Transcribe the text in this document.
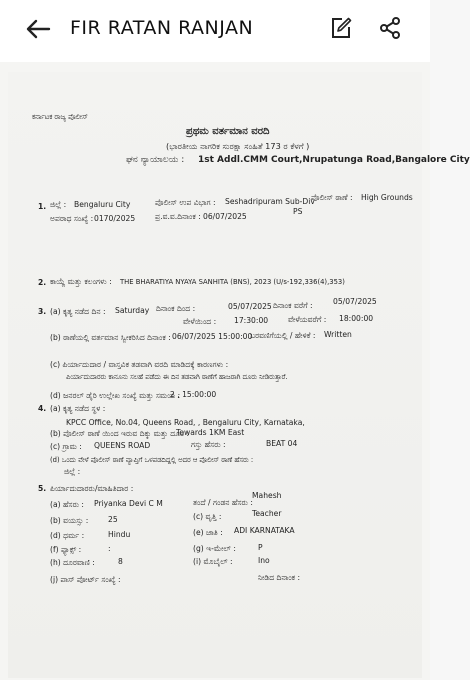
FIR RATAN RANJAN
ಕರ್ನಾಟಕ ರಾಜ್ಯ ಪೊಲೀಸ್
ಪ್ರಥಮ ವರ್ತಮಾನ ವರದಿ
(ಭಾರತೀಯ ನಾಗರಿಕ ಸುರಕ್ಷಾ ಸಂಹಿತೆ 173 ರ ಕೆಳಗೆ )
ಘನ ನ್ಯಾಯಾಲಯ : 1st Addl.CMM Court,Nrupatunga Road,Bangalore City
1. ಜಿಲ್ಲೆ : Bengaluru City	ಪೊಲೀಸ್ ಉಪ ವಿಭಾಗ : Seshadripuram Sub-Div
ಪೊಲೀಸ್ ಠಾಣೆ : High Grounds
PS
ಅಪರಾಧ ಸಂಖ್ಯೆ : 0170/2025	ಪ್ರ.ವ.ವ.ದಿನಾಂಕ : 06/07/2025
2. ಕಾಯ್ದೆ ಮತ್ತು ಕಲಂಗಳು : THE BHARATIYA NYAYA SANHITA (BNS), 2023 (U/s-192,336(4),353)
3. (a) ಕೃತ್ಯ ನಡೆದ ದಿನ : Saturday ದಿನಾಂಕ ದಿಂದ :	05/07/2025 ದಿನಾಂಕ ವರೆಗೆ :	05/07/2025
ವೇಳೆಯಿಂದ : 17:30:00	ವೇಳೆಯವರೆಗೆ : 18:00:00
(b) ಠಾಣೆಯಲ್ಲಿ ವರ್ತಮಾನ ಸ್ವೀಕರಿಸಿದ ದಿನಾಂಕ : 06/07/2025 15:00:00
ಬರವಣಿಗೆಯಲ್ಲಿ / ಹೇಳಿಕೆ : Written
(c) ಪಿರ್ಯಾದುದಾರ / ವಾಸ್ತವಿಕ ತಡವಾಗಿ ವರದಿ ಮಾಡಿದಕ್ಕೆ ಕಾರಣಗಳು :
ಪಿರ್ಯಾದುದಾರರು ಕಾನೂನು ಸಲಹೆ ಪಡೆದು ಈ ದಿನ ತಡವಾಗಿ ಠಾಣೆಗೆ ಹಾಜರಾಗಿ ದೂರು ನೀಡಿರುತ್ತಾರೆ.
(d) ಜನರಲ್ ಡೈರಿ ಉಲ್ಲೇಖ ಸಂಖ್ಯೆ ಮತ್ತು ಸಮಯ :
2 , 15:00:00
4. (a) ಕೃತ್ಯ ನಡೆದ ಸ್ಥಳ :
KPCC Office, No.04, Queens Road, , Bengaluru City, Karnataka,
(b) ಪೊಲೀಸ್ ಠಾಣೆ ಯಿಂದ ಇರುವ ದಿಕ್ಕು ಮತ್ತು ದೂರ :
Towards 1KM East
(c) ಗ್ರಾಮ : QUEENS ROAD	ಗಸ್ತು ಹೆಸರು :	BEAT 04
(d) ಒಂದು ವೇಳೆ ಪೊಲೀಸ್ ಠಾಣೆ ವ್ಯಾಪ್ತಿಗೆ ಒಳಪಡದಿದ್ದಲ್ಲಿ ಅದರ ಆ ಪೊಲೀಸ್ ಠಾಣೆ ಹೆಸರು :
ಜಿಲ್ಲೆ :
5. ಪಿರ್ಯಾದುದಾರರು/ಮಾಹಿತಿದಾರ :
(a) ಹೆಸರು : Priyanka Devi C M	ತಂದೆ / ಗಂಡನ ಹೆಸರು :
Mahesh
(b) ವಯಸ್ಸು :	25	(c) ವೃತ್ತಿ :	Teacher
(d) ಧರ್ಮ :	Hindu	(e) ಜಾತಿ : ADI KARNATAKA
(f) ಫ್ಯಾಕ್ಸ್ :	:	(g) ಇ-ಮೇಲ್ :	P
(h) ದೂರವಾಣಿ :	8	(i) ಮೊಬೈಲ್ :	Ino
(j) ಪಾಸ್ ಪೋರ್ಟ್ ಸಂಖ್ಯೆ :	ನೀಡಿದ ದಿನಾಂಕ :
